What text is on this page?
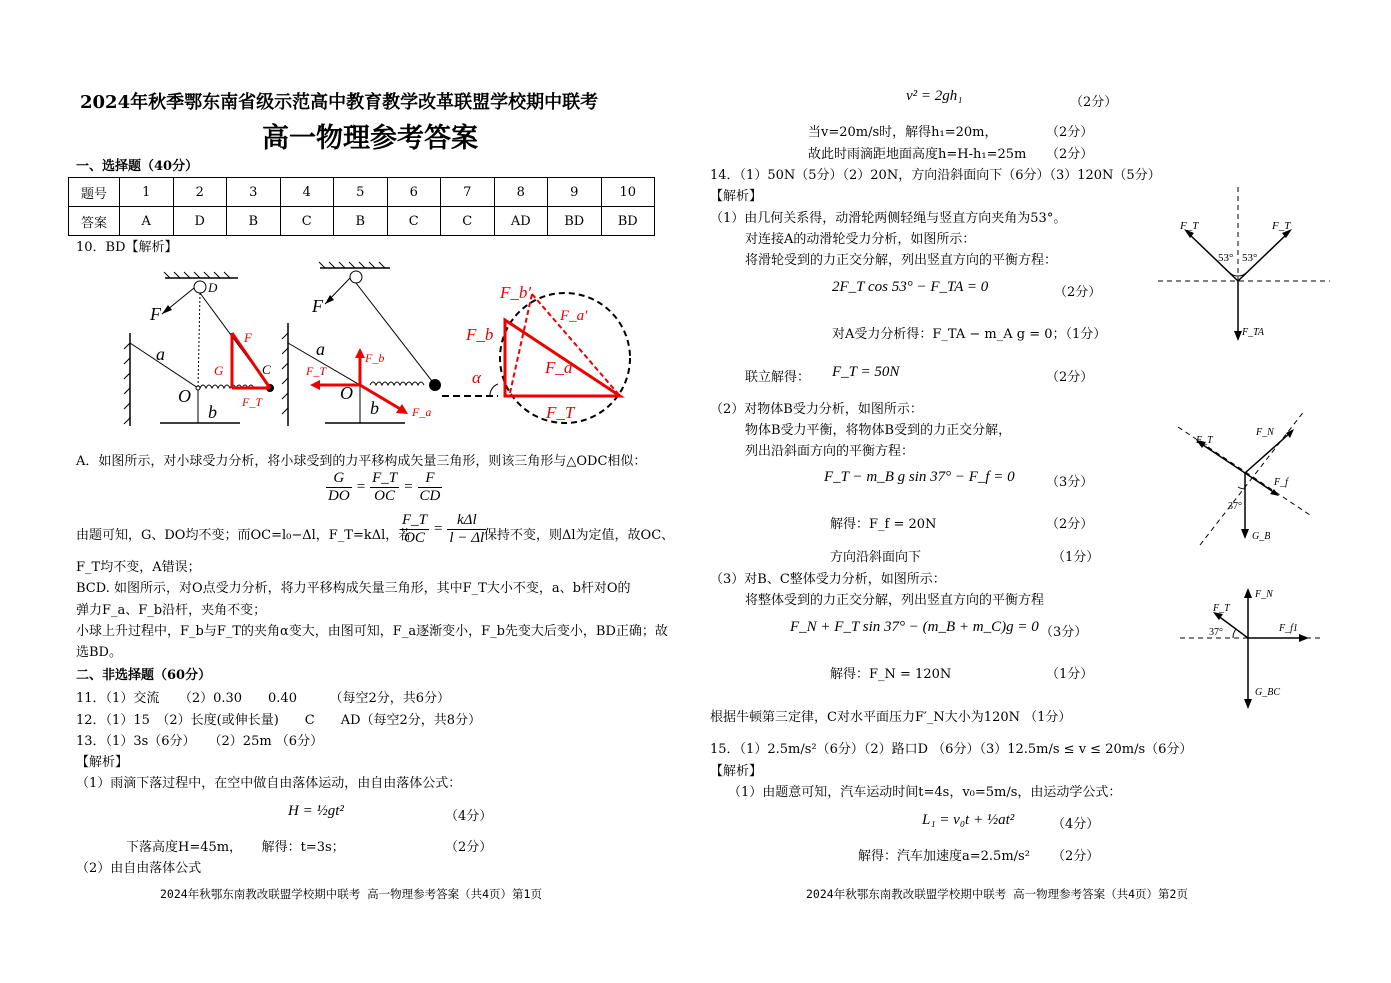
2024年秋季鄂东南省级示范高中教育教学改革联盟学校期中联考
高一物理参考答案
一、选择题（40分）
题号	1	2	3	4	5	6	7	8	9	10
答案	A	D	B	C	B	C	C	AD	BD	BD
10．BD【解析】
F
D
a
O
b
F
G	C
F_T
F
a
O
b
F_b
F_T
F_a
F_b′
F_a′
F_b
F_a
F_T
α
A．如图所示，对小球受力分析，将小球受到的力平移构成矢量三角形，则该三角形与△ODC相似：
$\frac{G}{DO} = \frac{F\_T}{OC} = \frac{F}{CD}$
由题可知，G、DO均不变；而OC=l₀−Δl，F_T=kΔl，若
$\frac{F\_T}{OC} = \frac{\text{kΔl}}{l - \Delta l}$
保持不变，则Δl为定值，故OC、
F_T均不变，A错误；
BCD. 如图所示，对O点受力分析，将力平移构成矢量三角形，其中F_T大小不变，a、b杆对O的
弹力F_a、F_b沿杆，夹角不变；
小球上升过程中，F_b与F_T的夹角α变大，由图可知，F_a逐渐变小，F_b先变大后变小，BD正确；故
选BD。
二、非选择题（60分）
11．（1）交流　　（2）0.30　　0.40　　　（每空2分，共6分）
12．（1）15　（2）长度(或伸长量)　　C　　AD（每空2分，共8分）
13．（1）3s（6分）　　（2）25m （6分）
【解析】
（1）雨滴下落过程中，在空中做自由落体运动，由自由落体公式：
H = ½gt²	（4分）
下落高度H=45m，　　解得：t=3s；	（2分）
（2）由自由落体公式
2024年秋鄂东南教改联盟学校期中联考 高一物理参考答案（共4页）第1页
v² = 2gh₁	（2分）
当v=20m/s时，解得h₁=20m，	（2分）
故此时雨滴距地面高度h=H-h₁=25m （2分）
14．（1）50N（5分）（2）20N，方向沿斜面向下（6分）（3）120N（5分）
【解析】
（1）由几何关系得，动滑轮两侧轻绳与竖直方向夹角为53°。
对连接A的动滑轮受力分析，如图所示：
将滑轮受到的力正交分解，列出竖直方向的平衡方程：
2F_T cos 53° − F_TA = 0	（2分）
对A受力分析得：F_TA − m_A g = 0；（1分）
联立解得： F_T = 50N	（2分）
（2）对物体B受力分析，如图所示：
物体B受力平衡，将物体B受到的力正交分解，
列出沿斜面方向的平衡方程：
F_T − m_B g sin 37° − F_f = 0 （3分）
解得：F_f = 20N	（2分）
方向沿斜面向下	（1分）
（3）对B、C整体受力分析，如图所示：
将整体受到的力正交分解，列出竖直方向的平衡方程
F_N + F_T sin 37° − (m_B + m_C)g = 0 （3分）
解得：F_N = 120N	（1分）
根据牛顿第三定律，C对水平面压力F′_N大小为120N （1分）
15．（1）2.5m/s²（6分）（2）路口D （6分）（3）12.5m/s ≤ v ≤ 20m/s（6分）
【解析】
（1）由题意可知，汽车运动时间t=4s，v₀=5m/s，由运动学公式：
L₁ = v₀t + ½at²	（4分）
解得：汽车加速度a=2.5m/s² （2分）
2024年秋鄂东南教改联盟学校期中联考 高一物理参考答案（共4页）第2页
F_T	F_T
53° 53°
F_TA
F_T
F_N
F_f
37°
G_B
F_T
F_N
37°	F_f1
G_BC
